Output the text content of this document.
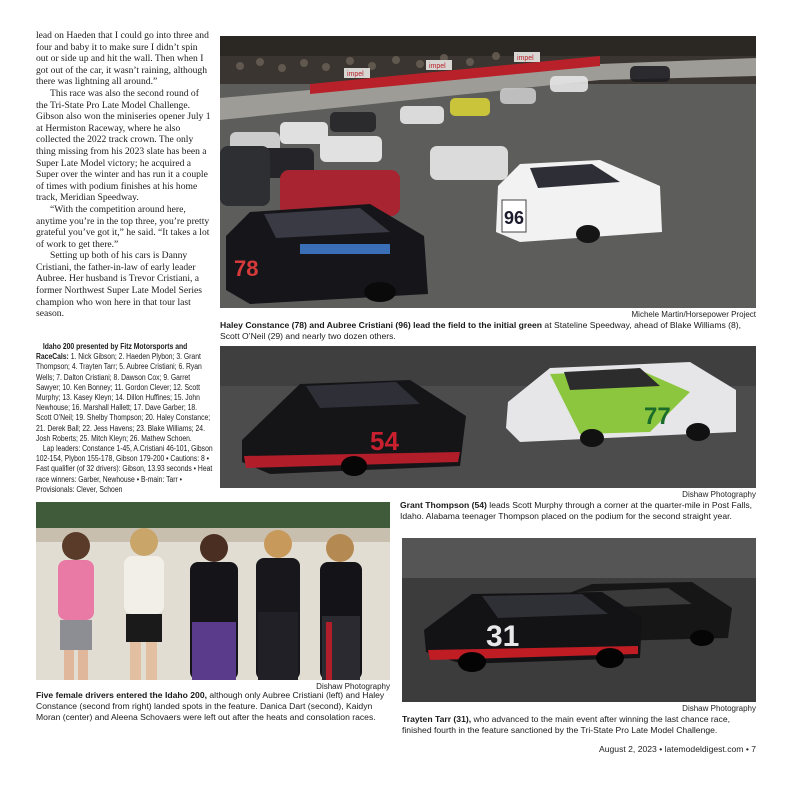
lead on Haeden that I could go into three and four and baby it to make sure I didn’t spin out or side up and hit the wall. Then when I got out of the car, it wasn’t raining, although there was lightning all around.”

This race was also the second round of the Tri-State Pro Late Model Challenge. Gibson also won the miniseries opener July 1 at Hermiston Raceway, where he also collected the 2022 track crown. The only thing missing from his 2023 slate has been a Super Late Model victory; he acquired a Super over the winter and has run it a couple of times with podium finishes at his home track, Meridian Speedway.

“With the competition around here, anytime you’re in the top three, you’re pretty grateful you’ve got it,” he said. “It takes a lot of work to get there.”

Setting up both of his cars is Danny Cristiani, the father-in-law of early leader Aubree. Her husband is Trevor Cristiani, a former Northwest Super Late Model Series champion who won here in that tour last season.

Idaho 200 presented by Fitz Motorsports and RaceCals: 1. Nick Gibson; 2. Haeden Plybon; 3. Grant Thompson; 4. Trayten Tarr; 5. Aubree Cristiani; 6. Ryan Wells; 7. Dalton Cristiani; 8. Dawson Cox; 9. Garret Sawyer; 10. Ken Bonney; 11. Gordon Clever; 12. Scott Murphy; 13. Kasey Kleyn; 14. Dillon Huffines; 15. John Newhouse; 16. Marshall Hallett; 17. Dave Garber; 18. Scott O’Neil; 19. Shelby Thompson; 20. Haley Constance; 21. Derek Ball; 22. Jess Havens; 23. Blake Williams; 24. Josh Roberts; 25. Mitch Kleyn; 26. Mathew Schoen.

Lap leaders: Constance 1-45, A.Cristiani 46-101, Gibson 102-154, Plybon 155-178, Gibson 179-200 • Cautions: 8 • Fast qualifier (of 32 drivers): Gibson, 13.93 seconds • Heat race winners: Garber, Newhouse • B-main: Tarr • Provisionals: Clever, Schoen

impel
impel
impel
96
78
Michele Martin/Horsepower Project
Haley Constance (78) and Aubree Cristiani (96) lead the field to the initial green at Stateline Speedway, ahead of Blake Williams (8), Scott O’Neil (29) and nearly two dozen others.
77
54
Dishaw Photography
Grant Thompson (54) leads Scott Murphy through a corner at the quarter-mile in Post Falls, Idaho. Alabama teenager Thompson placed on the podium for the second straight year.
Dishaw Photography
Five female drivers entered the Idaho 200, although only Aubree Cristiani (left) and Haley Constance (second from right) landed spots in the feature. Danica Dart (second), Kaidyn Moran (center) and Aleena Schovaers were left out after the heats and consolation races.
31
Dishaw Photography
Trayten Tarr (31), who advanced to the main event after winning the last chance race, finished fourth in the feature sanctioned by the Tri-State Pro Late Model Challenge.
August 2, 2023 • latemodeldigest.com • 7
